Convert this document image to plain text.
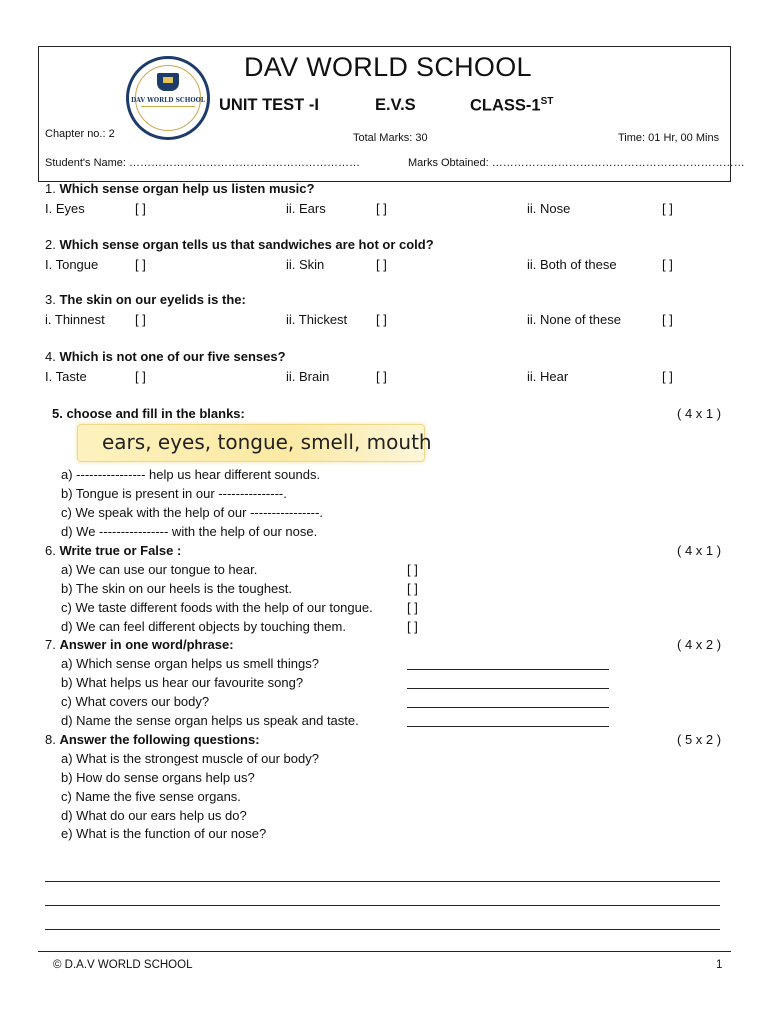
DAV WORLD SCHOOL
DAV WORLD SCHOOL
UNIT TEST -I	E.V.S	CLASS-1ST
Chapter no.: 2	Total Marks: 30	Time: 01 Hr, 00 Mins
Student's Name: ………………………………………………………	Marks Obtained: ……………………………………………………………
1. Which sense organ help us listen music?
I. Eyes	[ ]	ii. Ears	[ ]	ii. Nose	[ ]
2. Which sense organ tells us that sandwiches are hot or cold?
I. Tongue	[ ]	ii. Skin	[ ]	ii. Both of these	[ ]
3. The skin on our eyelids is the:
i. Thinnest [ ]	ii. Thickest [ ]	ii. None of these	[ ]
4. Which is not one of our five senses?
I. Taste	[ ]	ii. Brain	[ ]	ii. Hear	[ ]
5. choose and fill in the blanks:	( 4 x 1 )
ears, eyes, tongue, smell, mouth
a) ---------------- help us hear different sounds.
b) Tongue is present in our ---------------.
c) We speak with the help of our ----------------.
d) We ---------------- with the help of our nose.
6. Write true or False :	( 4 x 1 )
a) We can use our tongue to hear.	[ ]
b) The skin on our heels is the toughest.	[ ]
c) We taste different foods with the help of our tongue.	[ ]
d) We can feel different objects by touching them.	[ ]
7. Answer in one word/phrase:	( 4 x 2 )
a) Which sense organ helps us smell things?
b) What helps us hear our favourite song?
c) What covers our body?
d) Name the sense organ helps us speak and taste.
8. Answer the following questions:	( 5 x 2 )
a) What is the strongest muscle of our body?
b) How do sense organs help us?
c) Name the five sense organs.
d) What do our ears help us do?
e) What is the function of our nose?
© D.A.V WORLD SCHOOL	1
